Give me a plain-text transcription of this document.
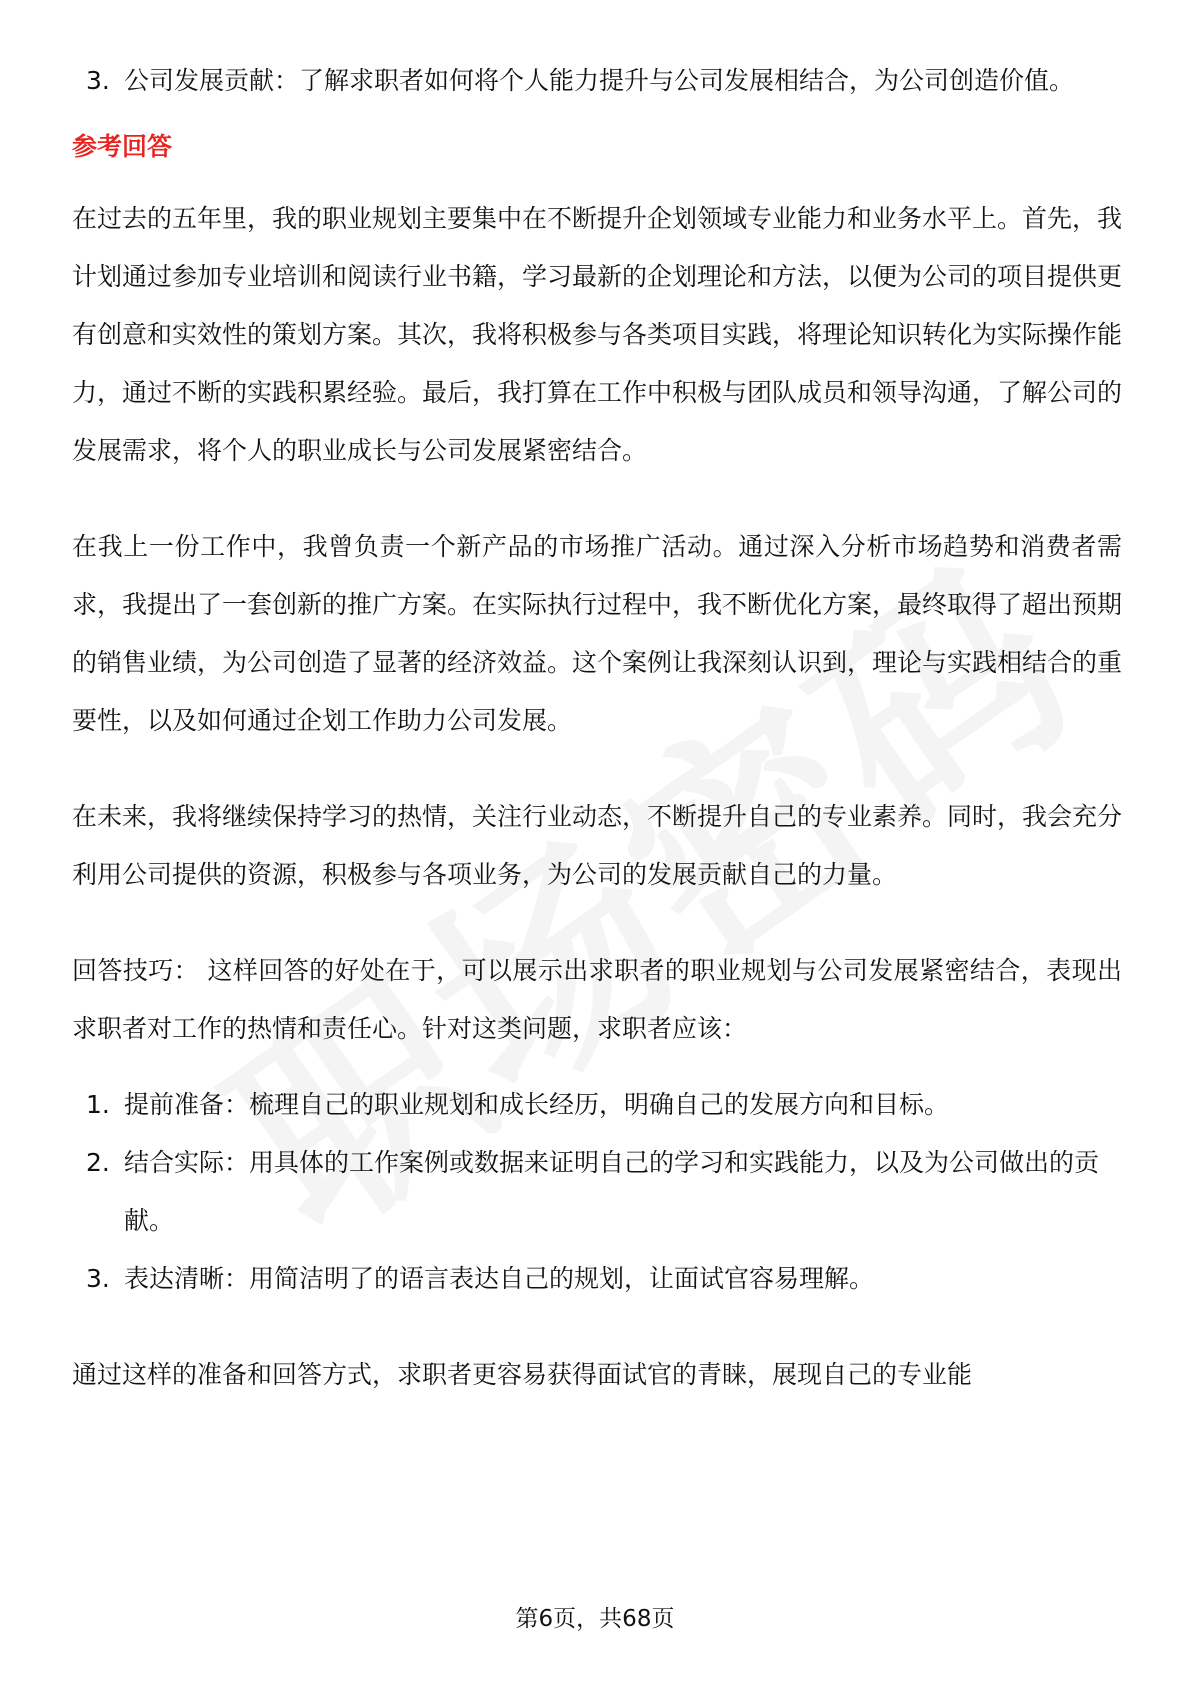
3. 公司发展贡献：了解求职者如何将个人能力提升与公司发展相结合，为公司创造价值。
参考回答

在过去的五年里，我的职业规划主要集中在不断提升企划领域专业能力和业务水平上。首先，我计划通过参加专业培训和阅读行业书籍，学习最新的企划理论和方法，以便为公司的项目提供更有创意和实效性的策划方案。其次，我将积极参与各类项目实践，将理论知识转化为实际操作能力，通过不断的实践积累经验。最后，我打算在工作中积极与团队成员和领导沟通，了解公司的发展需求，将个人的职业成长与公司发展紧密结合。

在我上一份工作中，我曾负责一个新产品的市场推广活动。通过深入分析市场趋势和消费者需求，我提出了一套创新的推广方案。在实际执行过程中，我不断优化方案，最终取得了超出预期的销售业绩，为公司创造了显著的经济效益。这个案例让我深刻认识到，理论与实践相结合的重要性，以及如何通过企划工作助力公司发展。

在未来，我将继续保持学习的热情，关注行业动态，不断提升自己的专业素养。同时，我会充分利用公司提供的资源，积极参与各项业务，为公司的发展贡献自己的力量。

回答技巧： 这样回答的好处在于，可以展示出求职者的职业规划与公司发展紧密结合，表现出求职者对工作的热情和责任心。针对这类问题，求职者应该：

1. 提前准备：梳理自己的职业规划和成长经历，明确自己的发展方向和目标。
2. 结合实际：用具体的工作案例或数据来证明自己的学习和实践能力，以及为公司做出的贡献。
3. 表达清晰：用简洁明了的语言表达自己的规划，让面试官容易理解。

通过这样的准备和回答方式，求职者更容易获得面试官的青睐，展现自己的专业能

第6页，共68页
